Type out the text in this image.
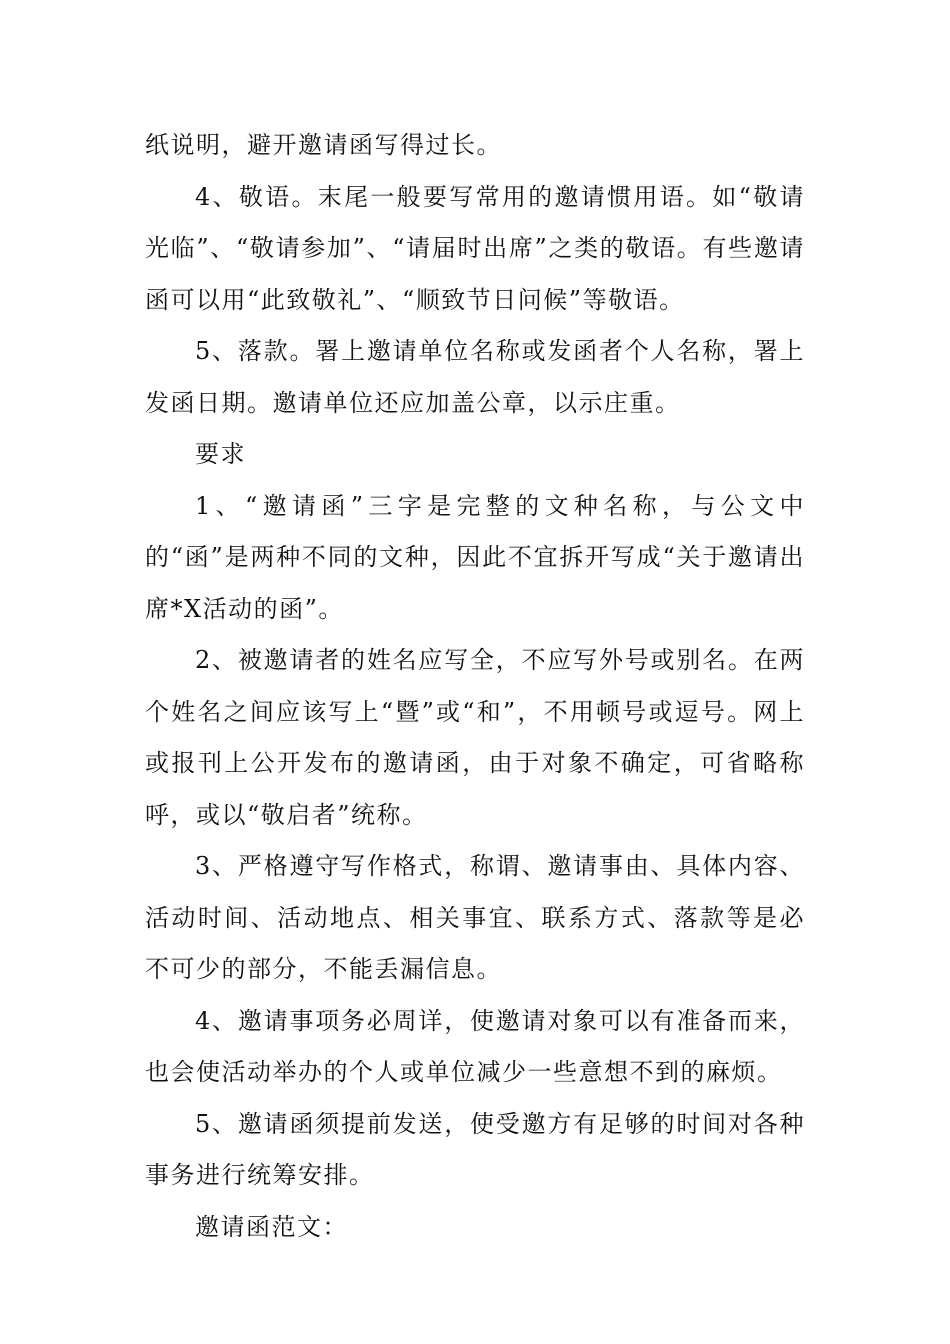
纸说明，避开邀请函写得过长。

4、敬语。末尾一般要写常用的邀请惯用语。如“敬请光临”、“敬请参加”、“请届时出席”之类的敬语。有些邀请函可以用“此致敬礼”、“顺致节日问候”等敬语。

5、落款。署上邀请单位名称或发函者个人名称，署上发函日期。邀请单位还应加盖公章，以示庄重。

要求

1、“邀请函”三字是完整的文种名称，与公文中的“函”是两种不同的文种，因此不宜拆开写成“关于邀请出席*X活动的函”。

2、被邀请者的姓名应写全，不应写外号或别名。在两个姓名之间应该写上“暨”或“和”，不用顿号或逗号。网上或报刊上公开发布的邀请函，由于对象不确定，可省略称呼，或以“敬启者”统称。

3、严格遵守写作格式，称谓、邀请事由、具体内容、活动时间、活动地点、相关事宜、联系方式、落款等是必不可少的部分，不能丢漏信息。

4、邀请事项务必周详，使邀请对象可以有准备而来，也会使活动举办的个人或单位减少一些意想不到的麻烦。

5、邀请函须提前发送，使受邀方有足够的时间对各种事务进行统筹安排。

邀请函范文：
